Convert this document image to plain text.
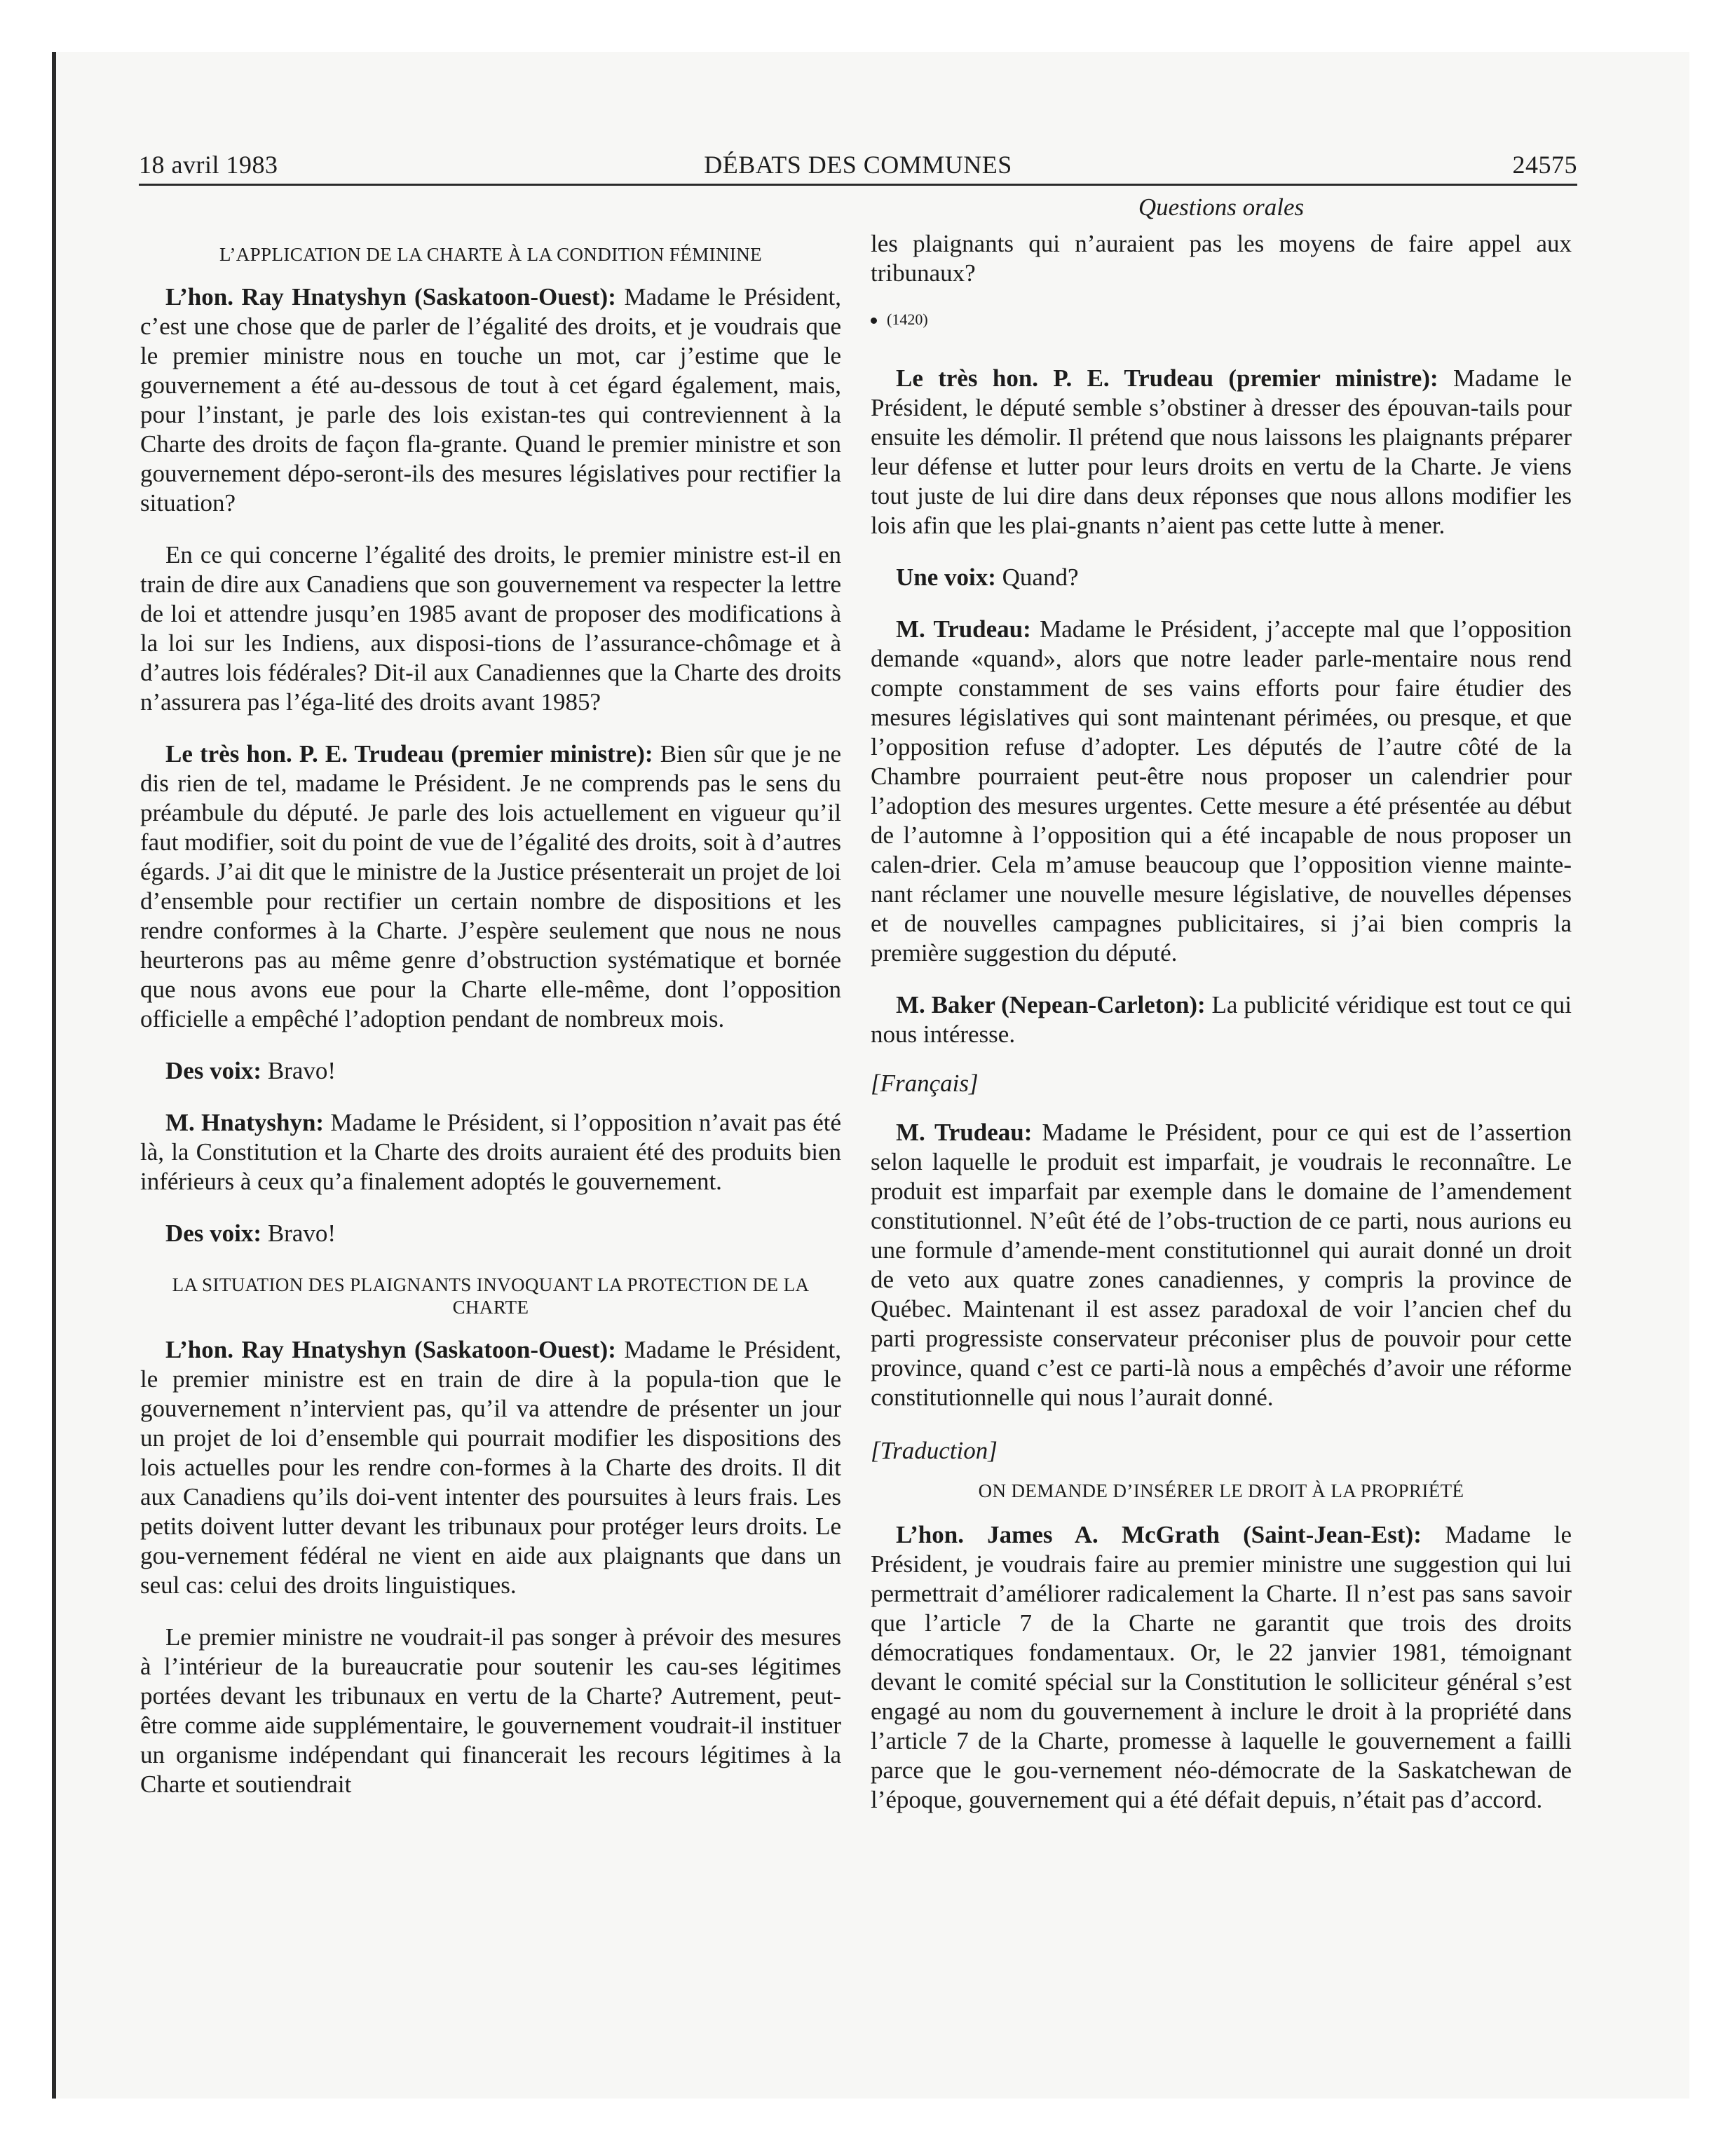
18 avril 1983	DÉBATS DES COMMUNES	24575

L’APPLICATION DE LA CHARTE À LA CONDITION FÉMININE

L’hon. Ray Hnatyshyn (Saskatoon-Ouest): Madame le Président, c’est une chose que de parler de l’égalité des droits, et je voudrais que le premier ministre nous en touche un mot, car j’estime que le gouvernement a été au-dessous de tout à cet égard également, mais, pour l’instant, je parle des lois existan-tes qui contreviennent à la Charte des droits de façon fla-grante. Quand le premier ministre et son gouvernement dépo-seront-ils des mesures législatives pour rectifier la situation?

En ce qui concerne l’égalité des droits, le premier ministre est-il en train de dire aux Canadiens que son gouvernement va respecter la lettre de loi et attendre jusqu’en 1985 avant de proposer des modifications à la loi sur les Indiens, aux disposi-tions de l’assurance-chômage et à d’autres lois fédérales? Dit-il aux Canadiennes que la Charte des droits n’assurera pas l’éga-lité des droits avant 1985?

Le très hon. P. E. Trudeau (premier ministre): Bien sûr que je ne dis rien de tel, madame le Président. Je ne comprends pas le sens du préambule du député. Je parle des lois actuellement en vigueur qu’il faut modifier, soit du point de vue de l’égalité des droits, soit à d’autres égards. J’ai dit que le ministre de la Justice présenterait un projet de loi d’ensemble pour rectifier un certain nombre de dispositions et les rendre conformes à la Charte. J’espère seulement que nous ne nous heurterons pas au même genre d’obstruction systématique et bornée que nous avons eue pour la Charte elle-même, dont l’opposition officielle a empêché l’adoption pendant de nombreux mois.

Des voix: Bravo!

M. Hnatyshyn: Madame le Président, si l’opposition n’avait pas été là, la Constitution et la Charte des droits auraient été des produits bien inférieurs à ceux qu’a finalement adoptés le gouvernement.

Des voix: Bravo!

LA SITUATION DES PLAIGNANTS INVOQUANT LA PROTECTION DE LA CHARTE

L’hon. Ray Hnatyshyn (Saskatoon-Ouest): Madame le Président, le premier ministre est en train de dire à la popula-tion que le gouvernement n’intervient pas, qu’il va attendre de présenter un jour un projet de loi d’ensemble qui pourrait modifier les dispositions des lois actuelles pour les rendre con-formes à la Charte des droits. Il dit aux Canadiens qu’ils doi-vent intenter des poursuites à leurs frais. Les petits doivent lutter devant les tribunaux pour protéger leurs droits. Le gou-vernement fédéral ne vient en aide aux plaignants que dans un seul cas: celui des droits linguistiques.

Le premier ministre ne voudrait-il pas songer à prévoir des mesures à l’intérieur de la bureaucratie pour soutenir les cau-ses légitimes portées devant les tribunaux en vertu de la Charte? Autrement, peut-être comme aide supplémentaire, le gouvernement voudrait-il instituer un organisme indépendant qui financerait les recours légitimes à la Charte et soutiendrait

Questions orales

les plaignants qui n’auraient pas les moyens de faire appel aux tribunaux?

(1420)

Le très hon. P. E. Trudeau (premier ministre): Madame le Président, le député semble s’obstiner à dresser des épouvan-tails pour ensuite les démolir. Il prétend que nous laissons les plaignants préparer leur défense et lutter pour leurs droits en vertu de la Charte. Je viens tout juste de lui dire dans deux réponses que nous allons modifier les lois afin que les plai-gnants n’aient pas cette lutte à mener.

Une voix: Quand?

M. Trudeau: Madame le Président, j’accepte mal que l’opposition demande «quand», alors que notre leader parle-mentaire nous rend compte constamment de ses vains efforts pour faire étudier des mesures législatives qui sont maintenant périmées, ou presque, et que l’opposition refuse d’adopter. Les députés de l’autre côté de la Chambre pourraient peut-être nous proposer un calendrier pour l’adoption des mesures urgentes. Cette mesure a été présentée au début de l’automne à l’opposition qui a été incapable de nous proposer un calen-drier. Cela m’amuse beaucoup que l’opposition vienne mainte-nant réclamer une nouvelle mesure législative, de nouvelles dépenses et de nouvelles campagnes publicitaires, si j’ai bien compris la première suggestion du député.

M. Baker (Nepean-Carleton): La publicité véridique est tout ce qui nous intéresse.

[Français]

M. Trudeau: Madame le Président, pour ce qui est de l’assertion selon laquelle le produit est imparfait, je voudrais le reconnaître. Le produit est imparfait par exemple dans le domaine de l’amendement constitutionnel. N’eût été de l’obs-truction de ce parti, nous aurions eu une formule d’amende-ment constitutionnel qui aurait donné un droit de veto aux quatre zones canadiennes, y compris la province de Québec. Maintenant il est assez paradoxal de voir l’ancien chef du parti progressiste conservateur préconiser plus de pouvoir pour cette province, quand c’est ce parti-là nous a empêchés d’avoir une réforme constitutionnelle qui nous l’aurait donné.

[Traduction]

ON DEMANDE D’INSÉRER LE DROIT À LA PROPRIÉTÉ

L’hon. James A. McGrath (Saint-Jean-Est): Madame le Président, je voudrais faire au premier ministre une suggestion qui lui permettrait d’améliorer radicalement la Charte. Il n’est pas sans savoir que l’article 7 de la Charte ne garantit que trois des droits démocratiques fondamentaux. Or, le 22 janvier 1981, témoignant devant le comité spécial sur la Constitution le solliciteur général s’est engagé au nom du gouvernement à inclure le droit à la propriété dans l’article 7 de la Charte, promesse à laquelle le gouvernement a failli parce que le gou-vernement néo-démocrate de la Saskatchewan de l’époque, gouvernement qui a été défait depuis, n’était pas d’accord.
